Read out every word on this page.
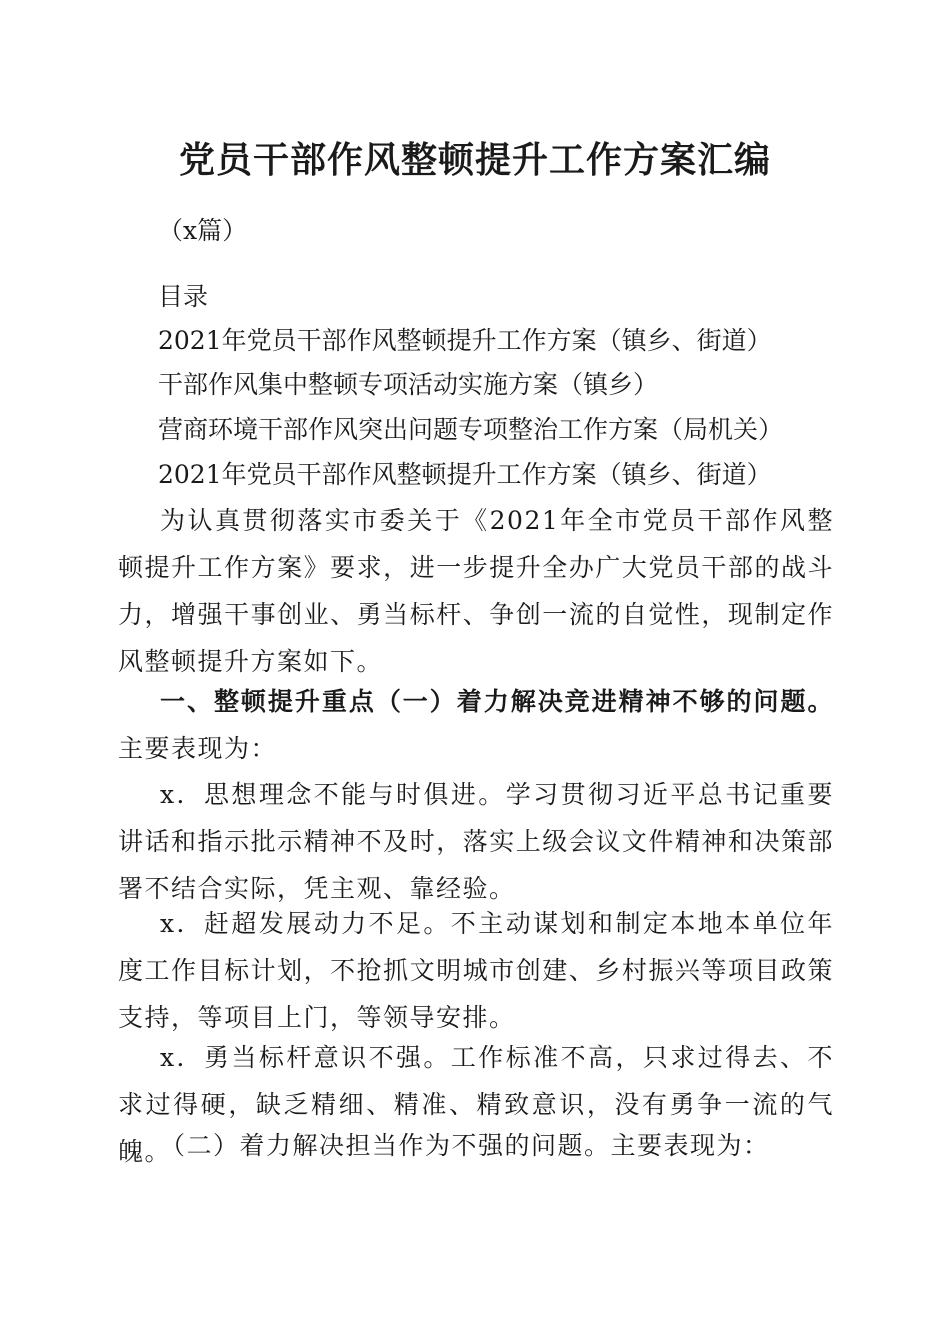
党员干部作风整顿提升工作方案汇编
（x篇）
目录
2021年党员干部作风整顿提升工作方案（镇乡、街道）
干部作风集中整顿专项活动实施方案（镇乡）
营商环境干部作风突出问题专项整治工作方案（局机关）
2021年党员干部作风整顿提升工作方案（镇乡、街道）
为认真贯彻落实市委关于《2021年全市党员干部作风整顿提升工作方案》要求，进一步提升全办广大党员干部的战斗力，增强干事创业、勇当标杆、争创一流的自觉性，现制定作风整顿提升方案如下。
一、整顿提升重点（一）着力解决竞进精神不够的问题。主要表现为：
x．思想理念不能与时俱进。学习贯彻习近平总书记重要讲话和指示批示精神不及时，落实上级会议文件精神和决策部署不结合实际，凭主观、靠经验。
x．赶超发展动力不足。不主动谋划和制定本地本单位年度工作目标计划，不抢抓文明城市创建、乡村振兴等项目政策支持，等项目上门，等领导安排。
x．勇当标杆意识不强。工作标准不高，只求过得去、不求过得硬，缺乏精细、精准、精致意识，没有勇争一流的气魄。
（二）着力解决担当作为不强的问题。主要表现为：
